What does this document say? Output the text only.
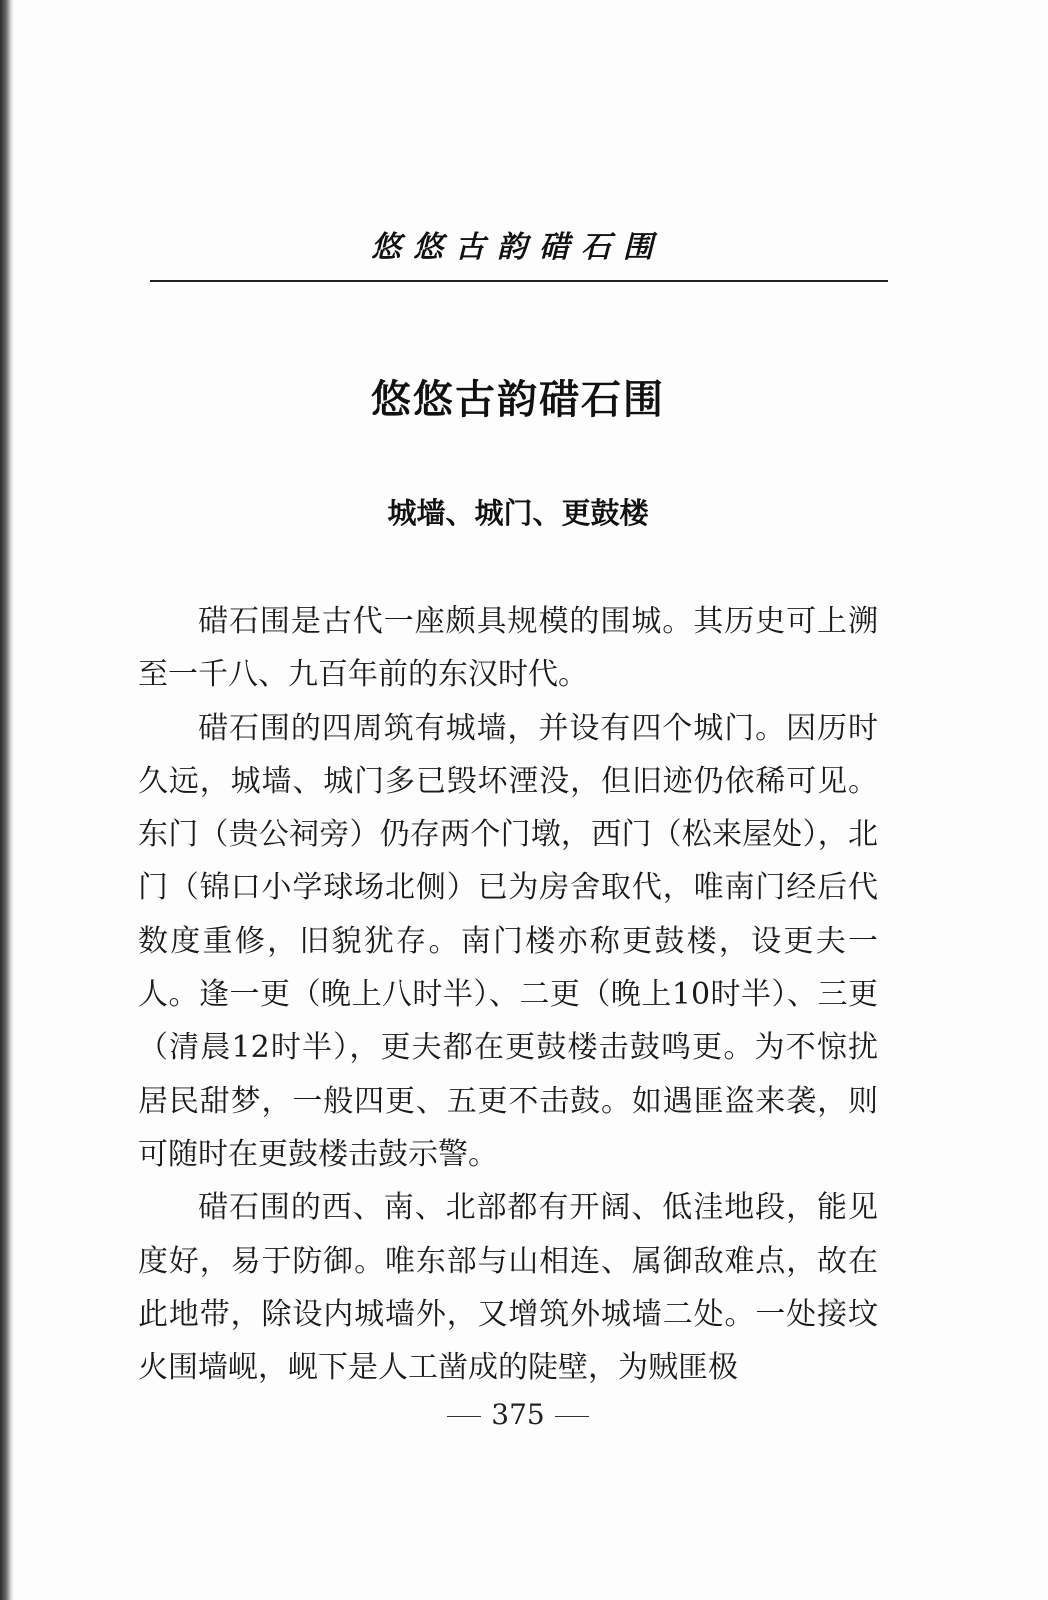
悠悠古韵碏石围
悠悠古韵碏石围
城墙、城门、更鼓楼

碏石围是古代一座颇具规模的围城。其历史可上溯至一千八、九百年前的东汉时代。

碏石围的四周筑有城墙，并设有四个城门。因历时久远，城墙、城门多已毁坏湮没，但旧迹仍依稀可见。东门（贵公祠旁）仍存两个门墩，西门（松来屋处），北门（锦口小学球场北侧）已为房舍取代，唯南门经后代数度重修，旧貌犹存。南门楼亦称更鼓楼，设更夫一人。逢一更（晚上八时半）、二更（晚上10时半）、三更（清晨12时半），更夫都在更鼓楼击鼓鸣更。为不惊扰居民甜梦，一般四更、五更不击鼓。如遇匪盗来袭，则可随时在更鼓楼击鼓示警。

碏石围的西、南、北部都有开阔、低洼地段，能见度好，易于防御。唯东部与山相连、属御敌难点，故在此地带，除设内城墙外，又增筑外城墙二处。一处接坟火围墙岘，岘下是人工凿成的陡壁，为贼匪极

375
